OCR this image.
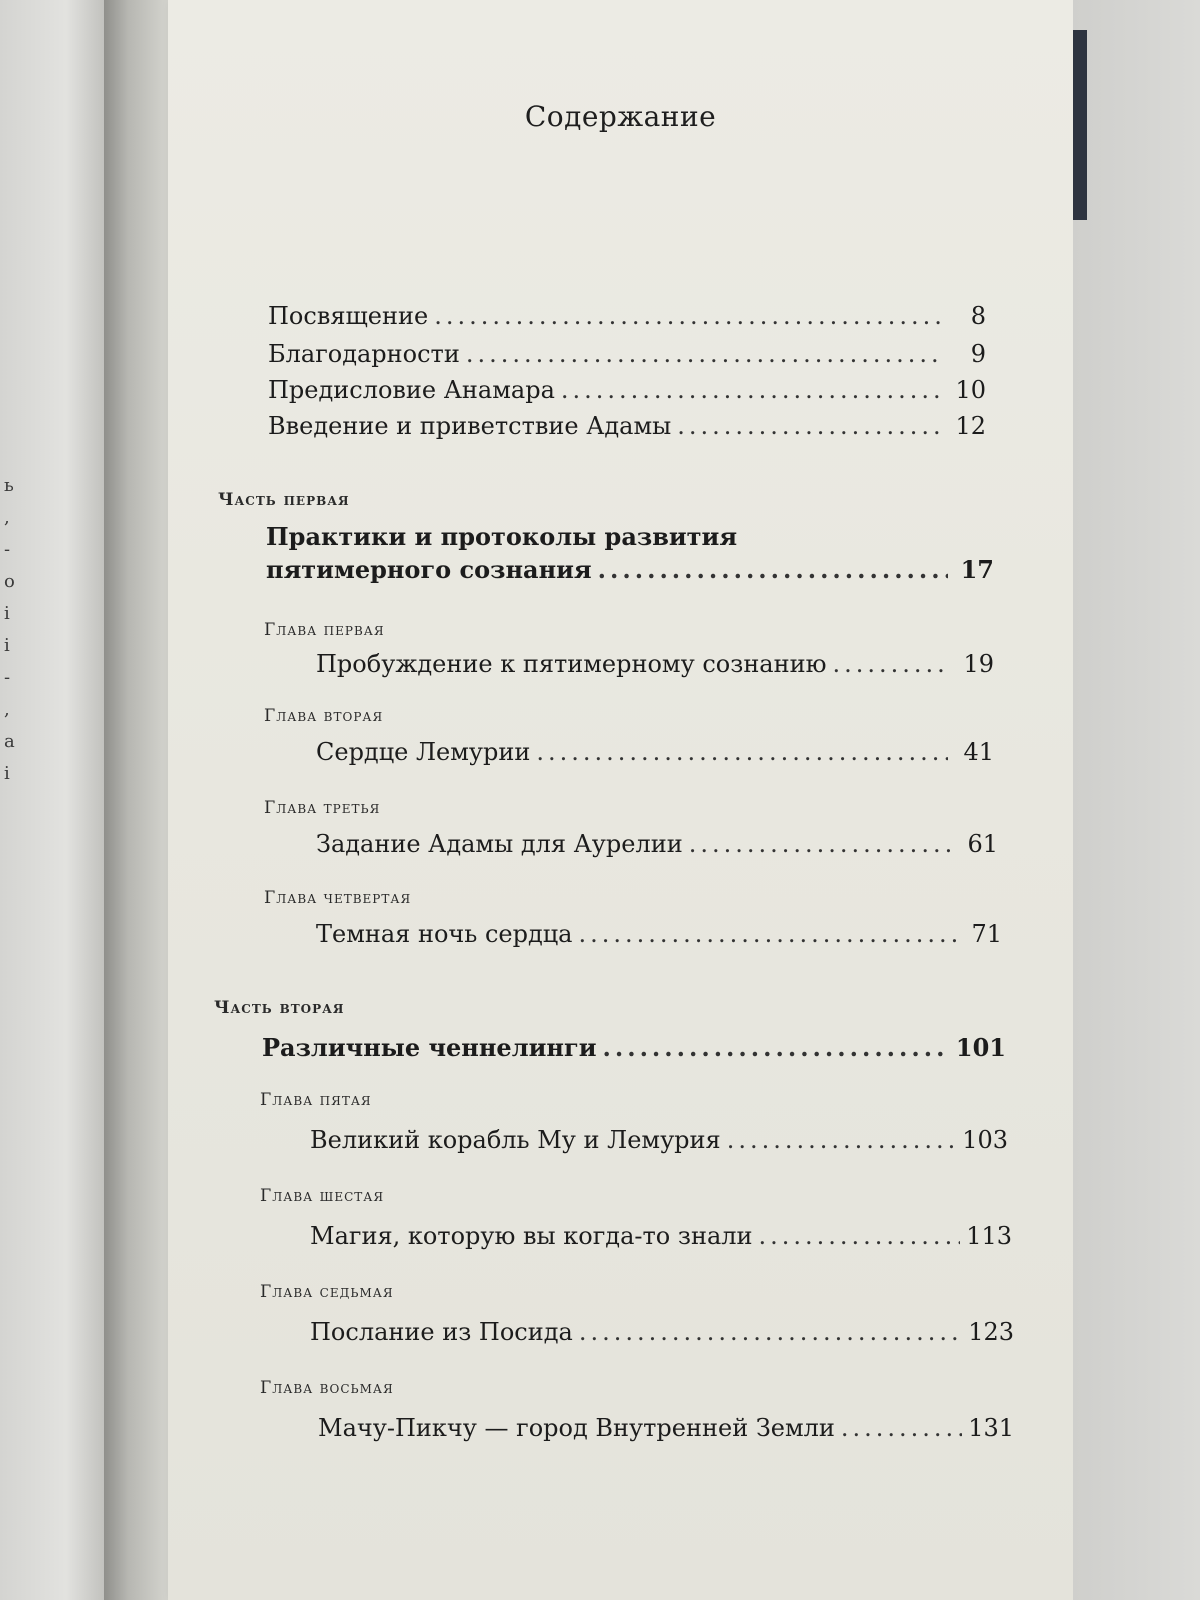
ь
,
-
о
і
і
-
,
а
і
Содержание
Посвящение .....	8
Благодарности .....	9
Предисловие Анамара .....	10
Введение и приветствие Адамы .....	12
Часть первая
Практики и протоколы развития
пятимерного сознания .....	17
Глава первая
Пробуждение к пятимерному сознанию .....	19
Глава вторая
Сердце Лемурии .....	41
Глава третья
Задание Адамы для Аурелии .....	61
Глава четвертая
Темная ночь сердца .....	71
Часть вторая
Различные ченнелинги .....	101
Глава пятая
Великий корабль Му и Лемурия .....	103
Глава шестая
Магия, которую вы когда-то знали .....	113
Глава седьмая
Послание из Посида .....	123
Глава восьмая
Мачу-Пикчу — город Внутренней Земли .....	131
